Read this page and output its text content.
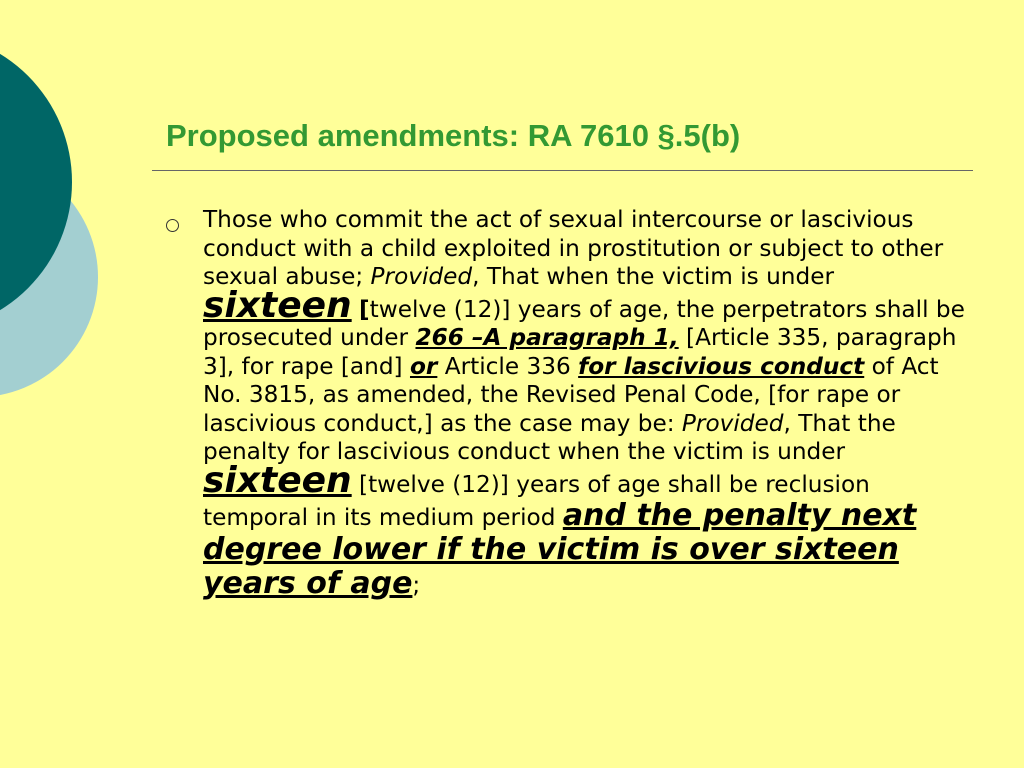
Proposed amendments: RA 7610 §.5(b)

Those who commit the act of sexual intercourse or lascivious conduct with a child exploited in prostitution or subject to other sexual abuse; Provided, That when the victim is under sixteen [twelve (12)] years of age, the perpetrators shall be prosecuted under 266 –A paragraph 1, [Article 335, paragraph 3], for rape [and] or Article 336 for lascivious conduct of Act No. 3815, as amended, the Revised Penal Code, [for rape or lascivious conduct,] as the case may be: Provided, That the penalty for lascivious conduct when the victim is under sixteen [twelve (12)] years of age shall be reclusion temporal in its medium period and the penalty next degree lower if the victim is over sixteen years of age;
